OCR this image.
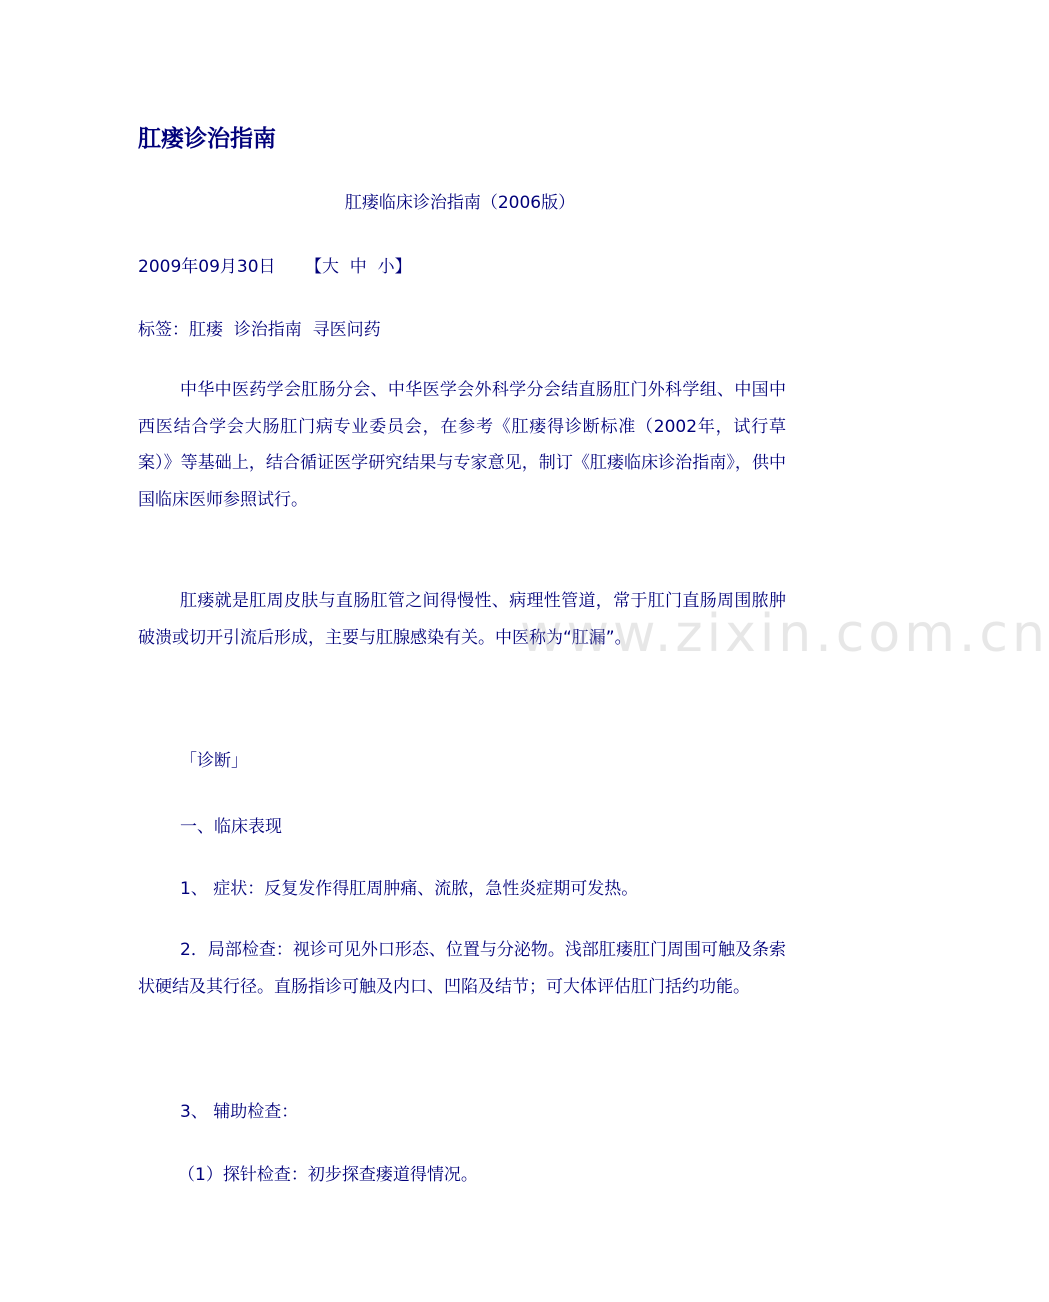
肛瘘诊治指南

肛瘘临床诊治指南（2006版）

2009年09月30日 【大 中 小】

标签：肛瘘 诊治指南 寻医问药

中华中医药学会肛肠分会、中华医学会外科学分会结直肠肛门外科学组、中国中西医结合学会大肠肛门病专业委员会，在参考《肛瘘得诊断标准（2002年，试行草案）》等基础上，结合循证医学研究结果与专家意见，制订《肛瘘临床诊治指南》，供中国临床医师参照试行。

肛瘘就是肛周皮肤与直肠肛管之间得慢性、病理性管道，常于肛门直肠周围脓肿破溃或切开引流后形成，主要与肛腺感染有关。中医称为“肛漏”。

「诊断」

一、临床表现

1、 症状：反复发作得肛周肿痛、流脓，急性炎症期可发热。

2．局部检查：视诊可见外口形态、位置与分泌物。浅部肛瘘肛门周围可触及条索状硬结及其行径。直肠指诊可触及内口、凹陷及结节；可大体评估肛门括约功能。

3、 辅助检查：

（1）探针检查：初步探查瘘道得情况。

www.zixin.com.cn
